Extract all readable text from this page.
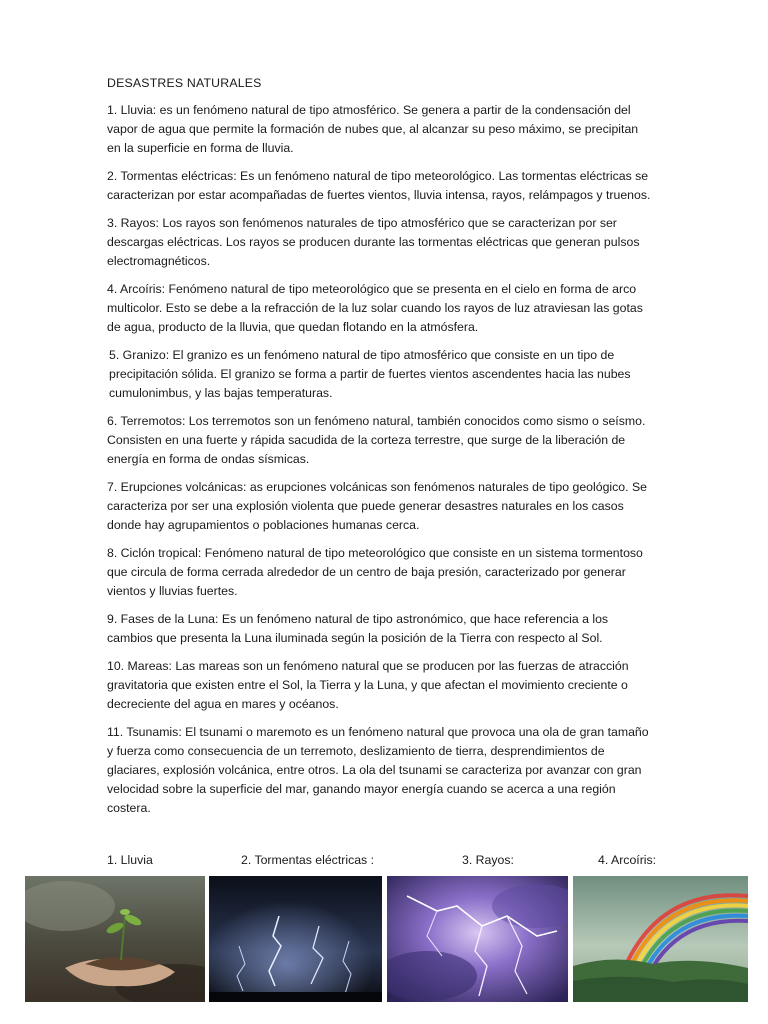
DESASTRES NATURALES

1. Lluvia: es un fenómeno natural de tipo atmosférico. Se genera a partir de la condensación del vapor de agua que permite la formación de nubes que, al alcanzar su peso máximo, se precipitan en la superficie en forma de lluvia.

2. Tormentas eléctricas: Es un fenómeno natural de tipo meteorológico. Las tormentas eléctricas se caracterizan por estar acompañadas de fuertes vientos, lluvia intensa, rayos, relámpagos y truenos.

3. Rayos: Los rayos son fenómenos naturales de tipo atmosférico que se caracterizan por ser descargas eléctricas. Los rayos se producen durante las tormentas eléctricas que generan pulsos electromagnéticos.

4. Arcoíris: Fenómeno natural de tipo meteorológico que se presenta en el cielo en forma de arco multicolor. Esto se debe a la refracción de la luz solar cuando los rayos de luz atraviesan las gotas de agua, producto de la lluvia, que quedan flotando en la atmósfera.

5. Granizo: El granizo es un fenómeno natural de tipo atmosférico que consiste en un tipo de precipitación sólida. El granizo se forma a partir de fuertes vientos ascendentes hacia las nubes cumulonimbus, y las bajas temperaturas.

6. Terremotos: Los terremotos son un fenómeno natural, también conocidos como sismo o seísmo. Consisten en una fuerte y rápida sacudida de la corteza terrestre, que surge de la liberación de energía en forma de ondas sísmicas.

7. Erupciones volcánicas: as erupciones volcánicas son fenómenos naturales de tipo geológico. Se caracteriza por ser una explosión violenta que puede generar desastres naturales en los casos donde hay agrupamientos o poblaciones humanas cerca.

8. Ciclón tropical: Fenómeno natural de tipo meteorológico que consiste en un sistema tormentoso que circula de forma cerrada alrededor de un centro de baja presión, caracterizado por generar vientos y lluvias fuertes.

9. Fases de la Luna: Es un fenómeno natural de tipo astronómico, que hace referencia a los cambios que presenta la Luna iluminada según la posición de la Tierra con respecto al Sol.

10. Mareas: Las mareas son un fenómeno natural que se producen por las fuerzas de atracción gravitatoria que existen entre el Sol, la Tierra y la Luna, y que afectan el movimiento creciente o decreciente del agua en mares y océanos.

11. Tsunamis: El tsunami o maremoto es un fenómeno natural que provoca una ola de gran tamaño y fuerza como consecuencia de un terremoto, deslizamiento de tierra, desprendimientos de glaciares, explosión volcánica, entre otros. La ola del tsunami se caracteriza por avanzar con gran velocidad sobre la superficie del mar, ganando mayor energía cuando se acerca a una región costera.

1. Lluvia	2. Tormentas eléctricas :	3. Rayos:	4. Arcoíris:
